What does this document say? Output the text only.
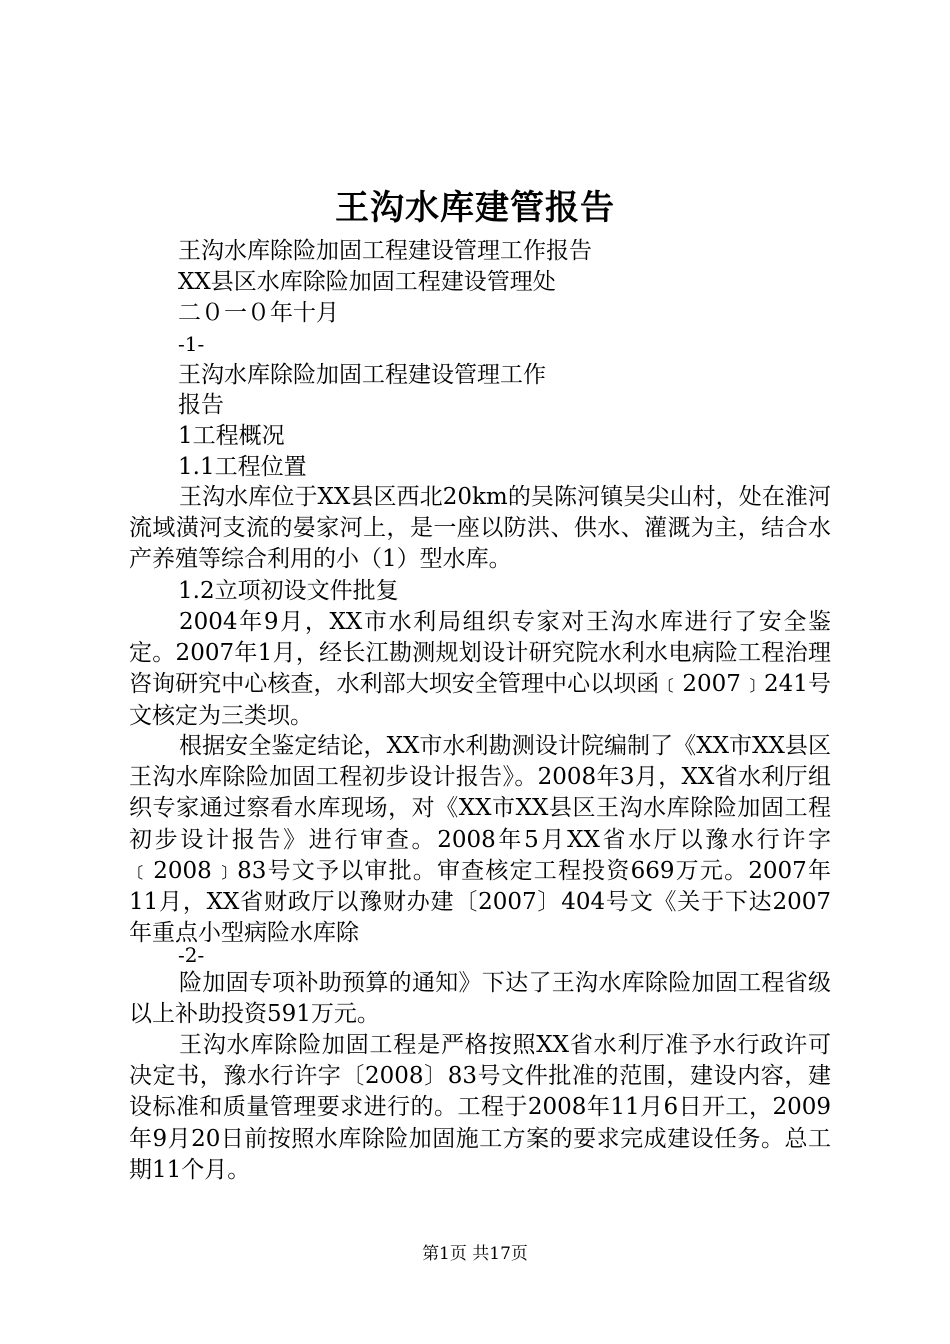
王沟水库建管报告
王沟水库除险加固工程建设管理工作报告
XX县区水库除险加固工程建设管理处
二０一０年十月
-1-
王沟水库除险加固工程建设管理工作
报告
1工程概况
1.1工程位置
王沟水库位于XX县区西北20km的吴陈河镇吴尖山村，处在淮河流域潢河支流的晏家河上，是一座以防洪、供水、灌溉为主，结合水产养殖等综合利用的小（1）型水库。
1.2立项初设文件批复
2004年9月，XX市水利局组织专家对王沟水库进行了安全鉴定。2007年1月，经长江勘测规划设计研究院水利水电病险工程治理咨询研究中心核查，水利部大坝安全管理中心以坝函﹝2007﹞241号文核定为三类坝。
根据安全鉴定结论，XX市水利勘测设计院编制了《XX市XX县区王沟水库除险加固工程初步设计报告》。2008年3月，XX省水利厅组织专家通过察看水库现场，对《XX市XX县区王沟水库除险加固工程初步设计报告》进行审查。2008年5月XX省水厅以豫水行许字﹝2008﹞83号文予以审批。审查核定工程投资669万元。2007年11月，XX省财政厅以豫财办建〔2007〕404号文《关于下达2007年重点小型病险水库除
-2-
险加固专项补助预算的通知》下达了王沟水库除险加固工程省级以上补助投资591万元。
王沟水库除险加固工程是严格按照XX省水利厅准予水行政许可决定书，豫水行许字〔2008〕83号文件批准的范围，建设内容，建设标准和质量管理要求进行的。工程于2008年11月6日开工，2009年9月20日前按照水库除险加固施工方案的要求完成建设任务。总工期11个月。
第1页 共17页
